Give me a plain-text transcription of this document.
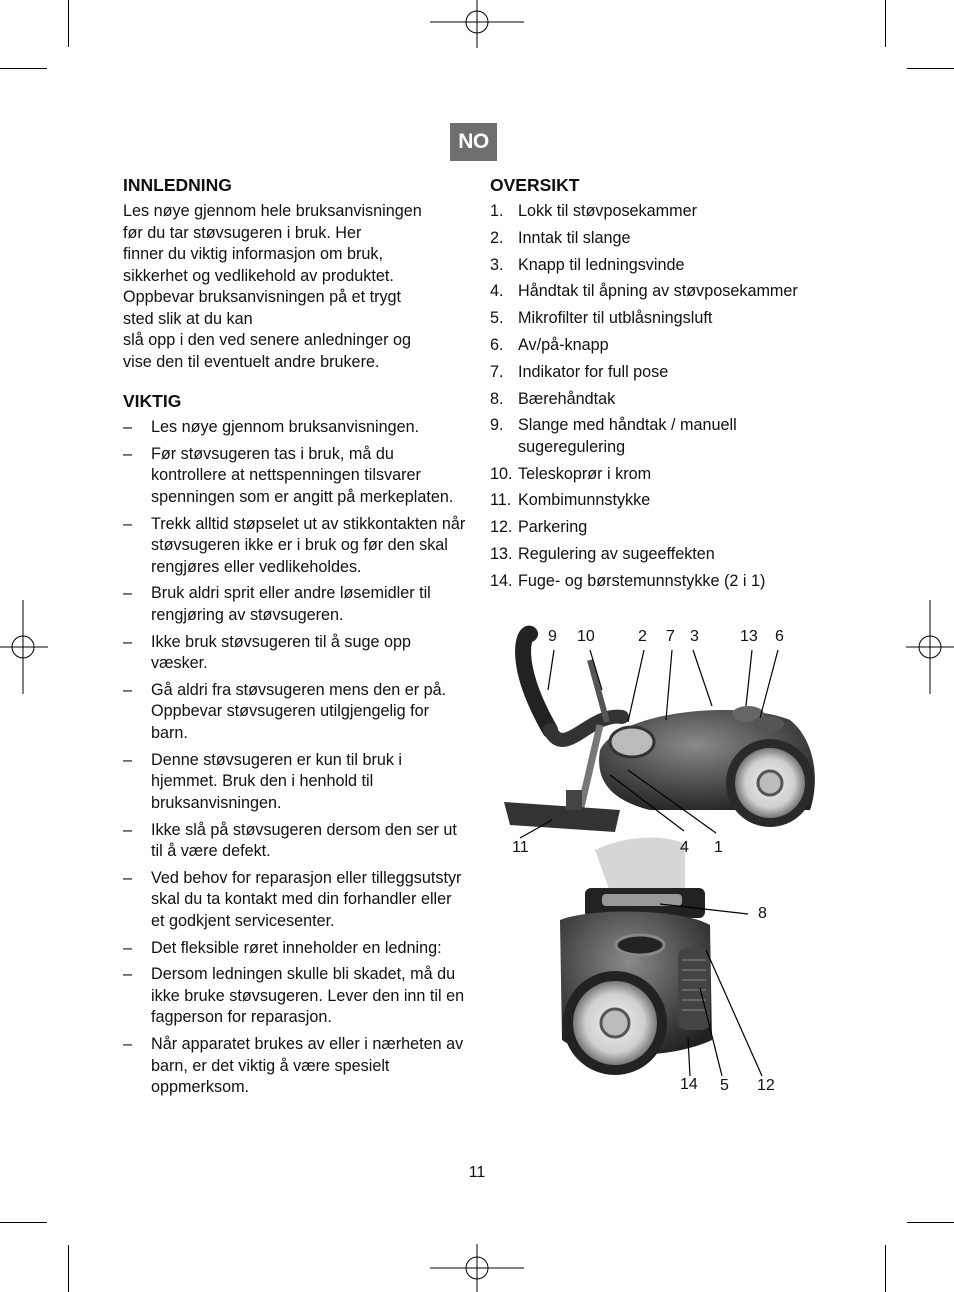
NO
INNLEDNING

Les nøye gjennom hele bruksanvisningen
før du tar støvsugeren i bruk. Her
finner du viktig informasjon om bruk,
sikkerhet og vedlikehold av produktet.
Oppbevar bruksanvisningen på et trygt
sted slik at du kan
slå opp i den ved senere anledninger og
vise den til eventuelt andre brukere.

VIKTIG
– Les nøye gjennom bruksanvisningen.
– Før støvsugeren tas i bruk, må du kontrollere at nettspenningen tilsvarer spenningen som er angitt på merkeplaten.
– Trekk alltid støpselet ut av stikkontakten når støvsugeren ikke er i bruk og før den skal rengjøres eller vedlikeholdes.
– Bruk aldri sprit eller andre løsemidler til rengjøring av støvsugeren.
– Ikke bruk støvsugeren til å suge opp væsker.
– Gå aldri fra støvsugeren mens den er på. Oppbevar støvsugeren utilgjengelig for barn.
– Denne støvsugeren er kun til bruk i hjemmet. Bruk den i henhold til bruksanvisningen.
– Ikke slå på støvsugeren dersom den ser ut til å være defekt.
– Ved behov for reparasjon eller tilleggsutstyr skal du ta kontakt med din forhandler eller et godkjent servicesenter.
– Det fleksible røret inneholder en ledning:
– Dersom ledningen skulle bli skadet, må du ikke bruke støvsugeren. Lever den inn til en fagperson for reparasjon.
– Når apparatet brukes av eller i nærheten av barn, er det viktig å være spesielt oppmerksom.
OVERSIKT
1. Lokk til støvposekammer
2. Inntak til slange
3. Knapp til ledningsvinde
4. Håndtak til åpning av støvposekammer
5. Mikrofilter til utblåsningsluft
6. Av/på-knapp
7. Indikator for full pose
8. Bærehåndtak
9. Slange med håndtak / manuell sugeregulering
10. Teleskoprør i krom
11. Kombimunnstykke
12. Parkering
13. Regulering av sugeeffekten
14. Fuge- og børstemunnstykke (2 i 1)
9 10	2 7 3	13 6
11	4 1
8
14 5 12
11
